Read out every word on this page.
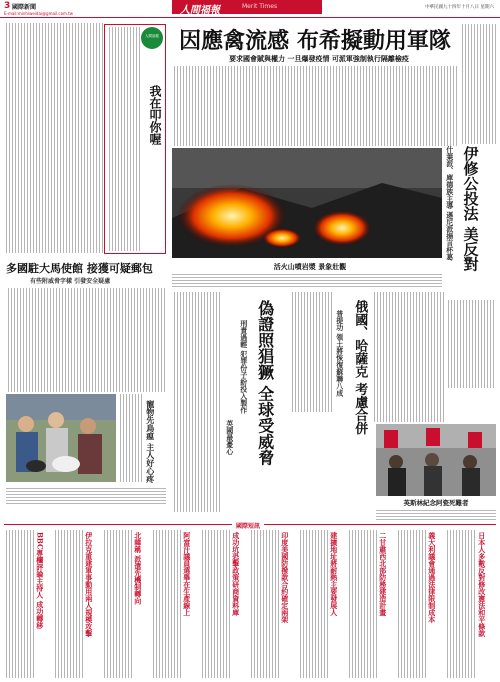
3 國際新聞
E-mail:minhiweidai@gmail.com.tw	人間福報	Merit Times	中華民國九十四年十月八日 星期六
人間福報
我在叩你喔
因應禽流感 布希擬動用軍隊
要求國會賦與權力 一旦爆發疫情 可派軍強制執行隔離檢疫
伊修公投法 美反對
什葉派、庫德族主導 遜尼派揚言杯葛
活火山噴岩漿 景象壯觀
多國駐大馬使館 接獲可疑郵包
有些附威脅字樣 引發安全疑慮
寵物先鳥瘟 主人好心疼	偽證照猖獗 全球受威脅
刑責過輕 犯罪份子紛投入製作
英國最憂心
俄國、哈薩克 考慮合併
普提功 領土將恢復蘇聯八成
英斯林紀念阿瓷死難者
國際短訊
BBC專欄評論主持人 成功轉移	伊拉克重建軍事動用兩人規模攻擊	北韓稱 派遣先機制轉向	阿富汗議員選舉在生產線上	成功坑恐擊政策研商資料庫	印度美國防撥款合約確定兩架	建擴地址將耐熱主要發展人	二甘肅西北部防務建造計畫	義大利議會通過法律限制成本	日本人多數反對修改憲法和平條款
